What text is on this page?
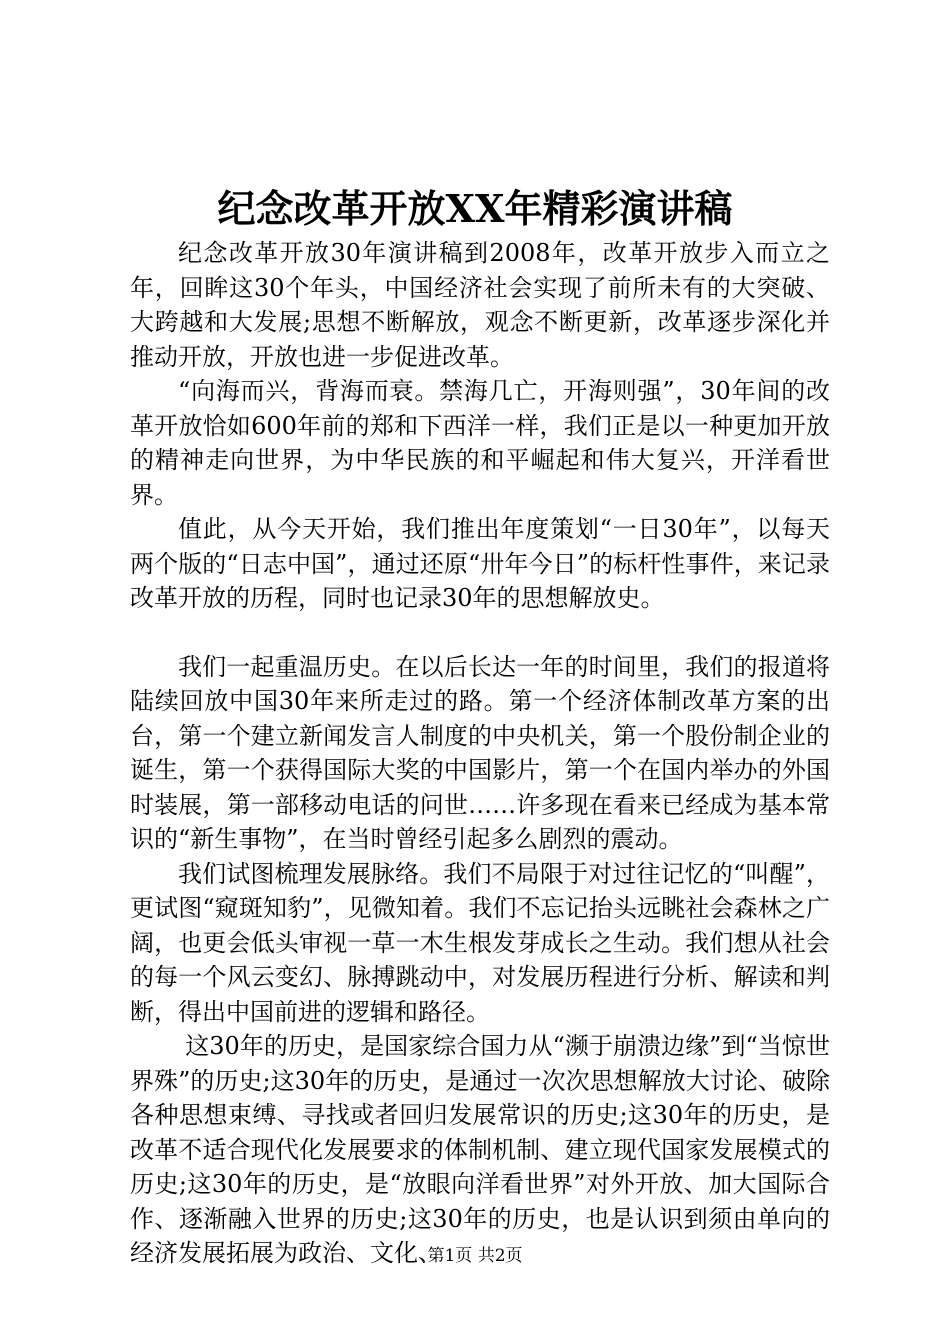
纪念改革开放XX年精彩演讲稿

纪念改革开放30年演讲稿到2008年，改革开放步入而立之年，回眸这30个年头，中国经济社会实现了前所未有的大突破、大跨越和大发展;思想不断解放，观念不断更新，改革逐步深化并推动开放，开放也进一步促进改革。

“向海而兴，背海而衰。禁海几亡，开海则强”，30年间的改革开放恰如600年前的郑和下西洋一样，我们正是以一种更加开放的精神走向世界，为中华民族的和平崛起和伟大复兴，开洋看世界。

值此，从今天开始，我们推出年度策划“一日30年”，以每天两个版的“日志中国”，通过还原“卅年今日”的标杆性事件，来记录改革开放的历程，同时也记录30年的思想解放史。

我们一起重温历史。在以后长达一年的时间里，我们的报道将陆续回放中国30年来所走过的路。第一个经济体制改革方案的出台，第一个建立新闻发言人制度的中央机关，第一个股份制企业的诞生，第一个获得国际大奖的中国影片，第一个在国内举办的外国时装展，第一部移动电话的问世……许多现在看来已经成为基本常识的“新生事物”，在当时曾经引起多么剧烈的震动。

我们试图梳理发展脉络。我们不局限于对过往记忆的“叫醒”，更试图“窥斑知豹”，见微知着。我们不忘记抬头远眺社会森林之广阔，也更会低头审视一草一木生根发芽成长之生动。我们想从社会的每一个风云变幻、脉搏跳动中，对发展历程进行分析、解读和判断，得出中国前进的逻辑和路径。

这30年的历史，是国家综合国力从“濒于崩溃边缘”到“当惊世界殊”的历史;这30年的历史，是通过一次次思想解放大讨论、破除各种思想束缚、寻找或者回归发展常识的历史;这30年的历史，是改革不适合现代化发展要求的体制机制、建立现代国家发展模式的历史;这30年的历史，是“放眼向洋看世界”对外开放、加大国际合作、逐渐融入世界的历史;这30年的历史，也是认识到须由单向的经济发展拓展为政治、文化、

第1页 共2页
